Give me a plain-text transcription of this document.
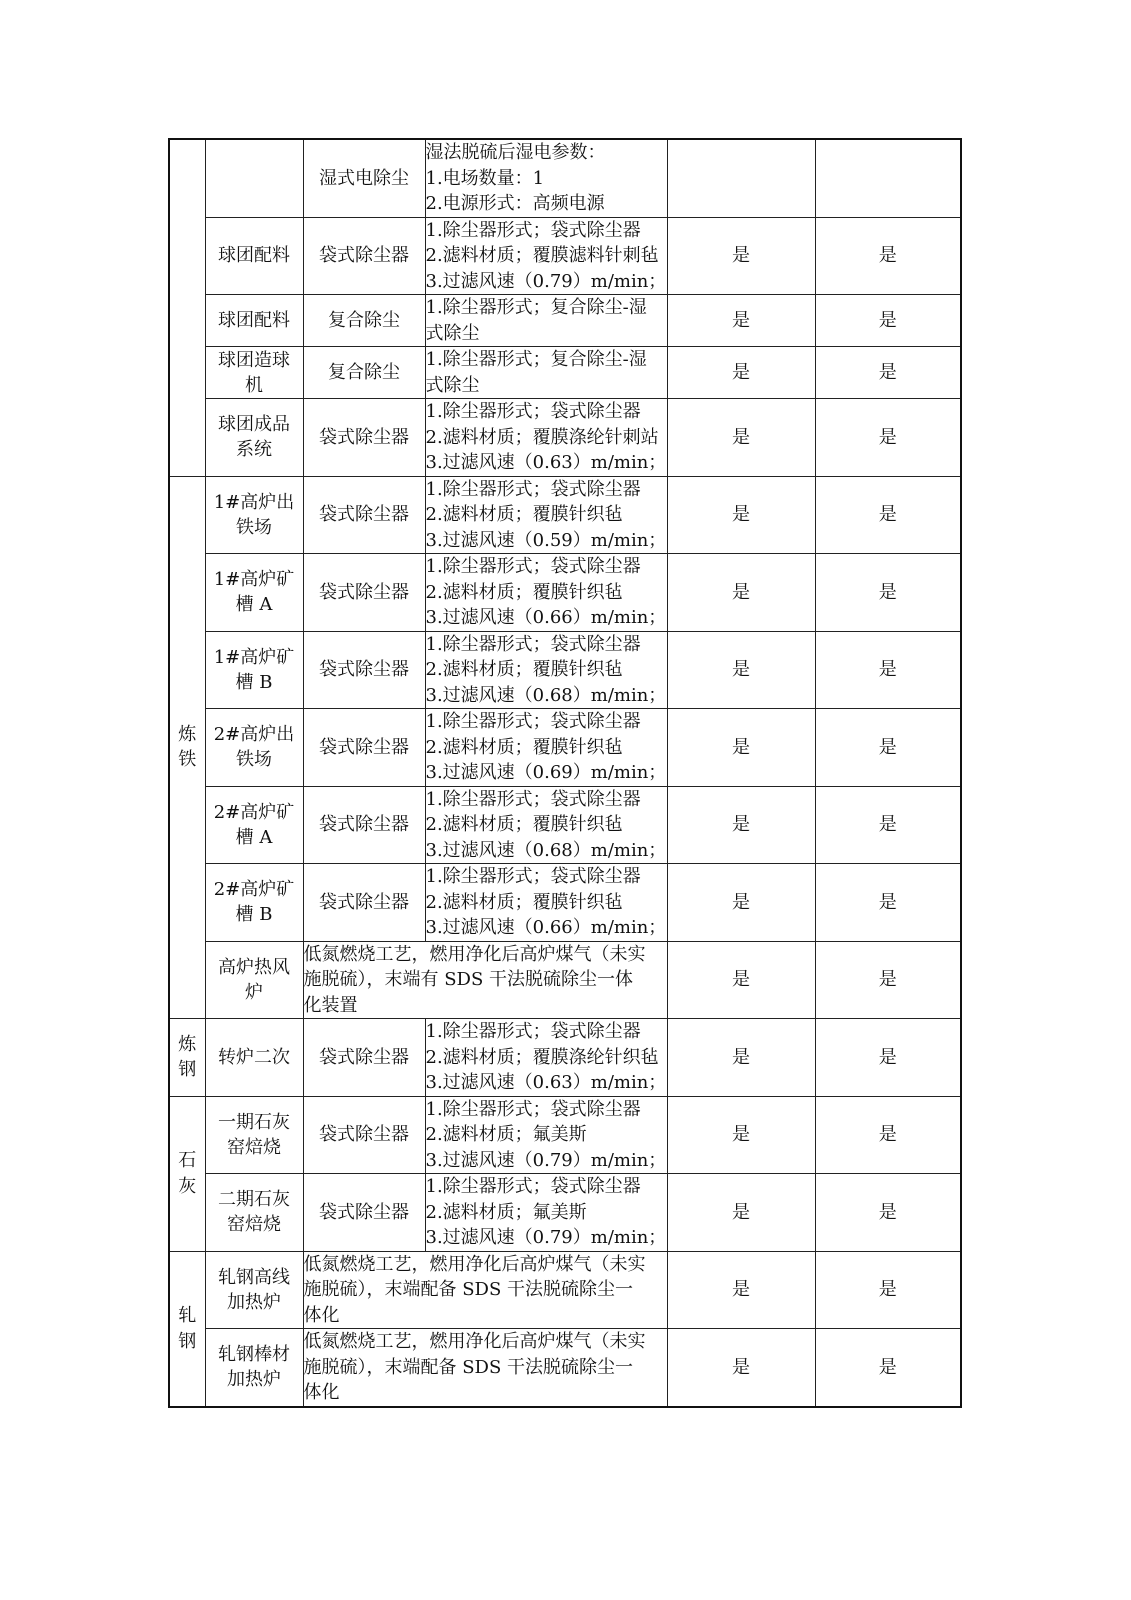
		湿式电除尘	湿法脱硫后湿电参数：
1.电场数量：1
2.电源形式：高频电源		

	球团配料	袋式除尘器	1.除尘器形式；袋式除尘器
2.滤料材质；覆膜滤料针刺毡
3.过滤风速（0.79）m/min；	是	是

	球团配料	复合除尘	1.除尘器形式；复合除尘-湿
式除尘	是	是

	球团造球机	复合除尘	1.除尘器形式；复合除尘-湿
式除尘	是	是

	球团成品系统	袋式除尘器	1.除尘器形式；袋式除尘器
2.滤料材质；覆膜涤纶针刺站
3.过滤风速（0.63）m/min；	是	是

炼
铁	1#高炉出铁场	袋式除尘器	1.除尘器形式；袋式除尘器
2.滤料材质；覆膜针织毡
3.过滤风速（0.59）m/min；	是	是

	1#高炉矿槽 A	袋式除尘器	1.除尘器形式；袋式除尘器
2.滤料材质；覆膜针织毡
3.过滤风速（0.66）m/min；	是	是

	1#高炉矿槽 B	袋式除尘器	1.除尘器形式；袋式除尘器
2.滤料材质；覆膜针织毡
3.过滤风速（0.68）m/min；	是	是

	2#高炉出铁场	袋式除尘器	1.除尘器形式；袋式除尘器
2.滤料材质；覆膜针织毡
3.过滤风速（0.69）m/min；	是	是

	2#高炉矿槽 A	袋式除尘器	1.除尘器形式；袋式除尘器
2.滤料材质；覆膜针织毡
3.过滤风速（0.68）m/min；	是	是

	2#高炉矿槽 B	袋式除尘器	1.除尘器形式；袋式除尘器
2.滤料材质；覆膜针织毡
3.过滤风速（0.66）m/min；	是	是

	高炉热风炉	低氮燃烧工艺，燃用净化后高炉煤气（未实
施脱硫），末端有 SDS 干法脱硫除尘一体
化装置		是	是

炼
钢	转炉二次	袋式除尘器	1.除尘器形式；袋式除尘器
2.滤料材质；覆膜涤纶针织毡
3.过滤风速（0.63）m/min；	是	是

石
灰	一期石灰窑焙烧	袋式除尘器	1.除尘器形式；袋式除尘器
2.滤料材质；氟美斯
3.过滤风速（0.79）m/min；	是	是

	二期石灰窑焙烧	袋式除尘器	1.除尘器形式；袋式除尘器
2.滤料材质；氟美斯
3.过滤风速（0.79）m/min；	是	是

轧
钢	轧钢高线加热炉	低氮燃烧工艺，燃用净化后高炉煤气（未实
施脱硫），末端配备 SDS 干法脱硫除尘一
体化		是	是

	轧钢棒材加热炉	低氮燃烧工艺，燃用净化后高炉煤气（未实
施脱硫），末端配备 SDS 干法脱硫除尘一
体化		是	是
